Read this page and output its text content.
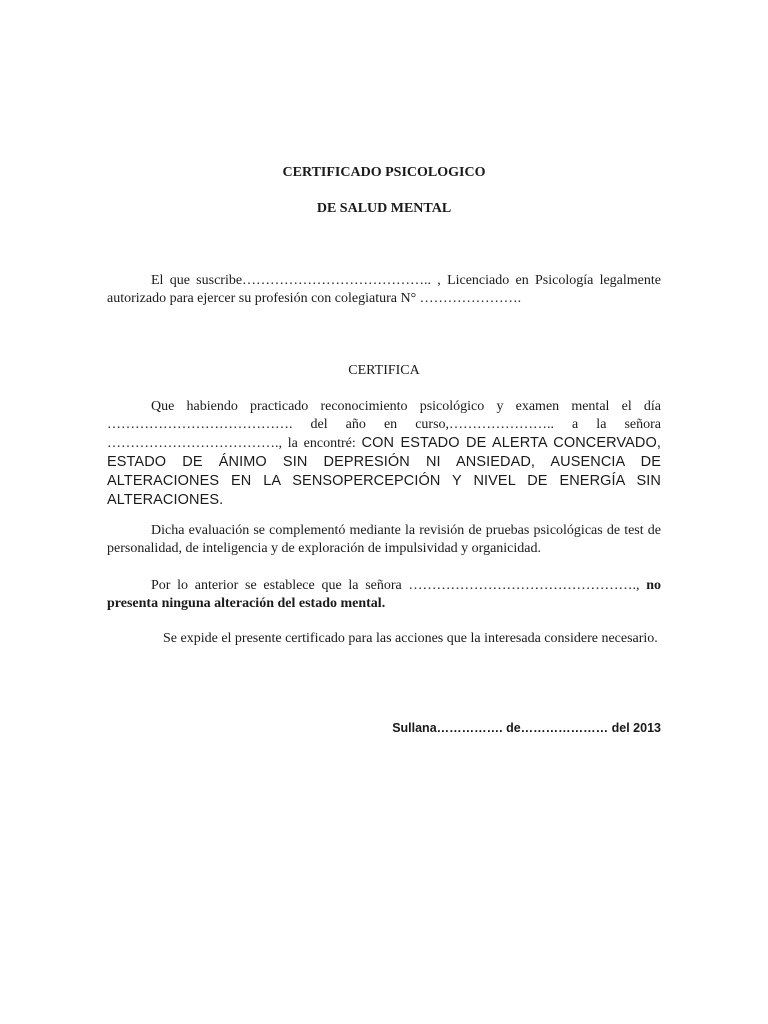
CERTIFICADO PSICOLOGICO
DE SALUD MENTAL
El que suscribe………………………………….. , Licenciado en Psicología legalmente autorizado para ejercer su profesión con colegiatura N° ………………….
CERTIFICA
Que habiendo practicado reconocimiento psicológico y examen mental el día …………………………………. del año en curso,………………….. a la señora ………………………………., la encontré: CON ESTADO DE ALERTA CONCERVADO, ESTADO DE ÁNIMO SIN DEPRESIÓN NI ANSIEDAD, AUSENCIA DE ALTERACIONES EN LA SENSOPERCEPCIÓN Y NIVEL DE ENERGÍA SIN ALTERACIONES.
Dicha evaluación se complementó mediante la revisión de pruebas psicológicas de test de personalidad, de inteligencia y de exploración de impulsividad y organicidad.
Por lo anterior se establece que la señora …………………………………………., no presenta ninguna alteración del estado mental.
Se expide el presente certificado para las acciones que la interesada considere necesario.
Sullana……………. de………………… del 2013
